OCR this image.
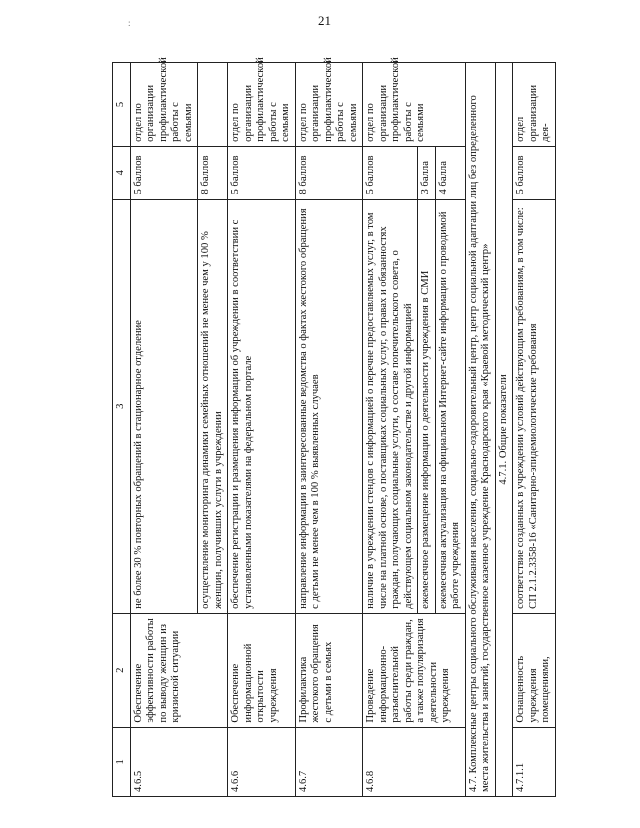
:	21
1	2	3	4	5
4.6.5	Обеспечение эффективности работы по выводу женщин из кризисной ситуации	не более 30 % повторных обращений в стационарное отделение	5 баллов	отдел по организации профилактической работы с семьями
		осуществление мониторинга динамики семейных отношений не менее чем у 100 % женщин, получивших услуги в учреждении	8 баллов	
4.6.6	Обеспечение информационной открытости учреждения	обеспечение регистрации и размещения информации об учреждении в соответствии с установленными показателями на федеральном портале	5 баллов	отдел по организации профилактической работы с семьями
4.6.7	Профилактика жестокого обращения с детьми в семьях	направление информации в заинтересованные ведомства о фактах жестокого обращения с детьми не менее чем в 100 % выявленных случаев	8 баллов	отдел по организации профилактической работы с семьями
4.6.8	Проведение информационно-разъяснительной работы среди граждан, а также популяризация деятельности учреждения	наличие в учреждении стендов с информацией о перечне предоставляемых услуг, в том числе на платной основе, о поставщиках социальных услуг, о правах и обязанностях граждан, получающих социальные услуги, о составе попечительского совета, о действующем социальном законодательстве и другой информацией	5 баллов	отдел по организации профилактической работы с семьями
		ежемесячное размещение информации о деятельности учреждения в СМИ	3 балла	
		ежемесячная актуализация на официальном Интернет-сайте информации о проводимой работе учреждения	4 балла	
4.7. Комплексные центры социального обслуживания населения, социально-оздоровительный центр, центр социальной адаптации лиц без определенного места жительства и занятий, государственное казенное учреждение Краснодарского края «Краевой методический центр»				
4.7.1. Общие показатели				
4.7.1.1	Оснащенность учреждения помещениями,	соответствие созданных в учреждении условий действующим требованиям, в том числе: СП 2.1.2.3358-16 «Санитарно-эпидемиологические требования	5 баллов	отдел организации дея-
